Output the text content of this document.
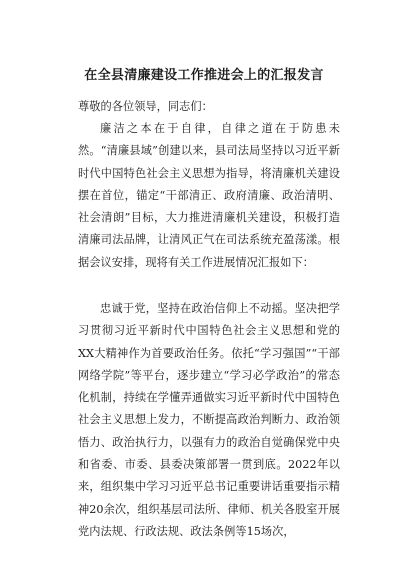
在全县清廉建设工作推进会上的汇报发言
尊敬的各位领导，同志们：
廉洁之本在于自律，自律之道在于防患未然。“清廉县域”创建以来，县司法局坚持以习近平新时代中国特色社会主义思想为指导，将清廉机关建设摆在首位，锚定“干部清正、政府清廉、政治清明、社会清朗”目标，大力推进清廉机关建设，积极打造清廉司法品牌，让清风正气在司法系统充盈荡漾。根据会议安排，现将有关工作进展情况汇报如下：
忠诚于党，坚持在政治信仰上不动摇。坚决把学习贯彻习近平新时代中国特色社会主义思想和党的XX大精神作为首要政治任务。依托“学习强国”“干部网络学院”等平台，逐步建立“学习必学政治”的常态化机制，持续在学懂弄通做实习近平新时代中国特色社会主义思想上发力，不断提高政治判断力、政治领悟力、政治执行力，以强有力的政治自觉确保党中央和省委、市委、县委决策部署一贯到底。2022年以来，组织集中学习习近平总书记重要讲话重要指示精神20余次，组织基层司法所、律师、机关各股室开展党内法规、行政法规、政法条例等15场次，
